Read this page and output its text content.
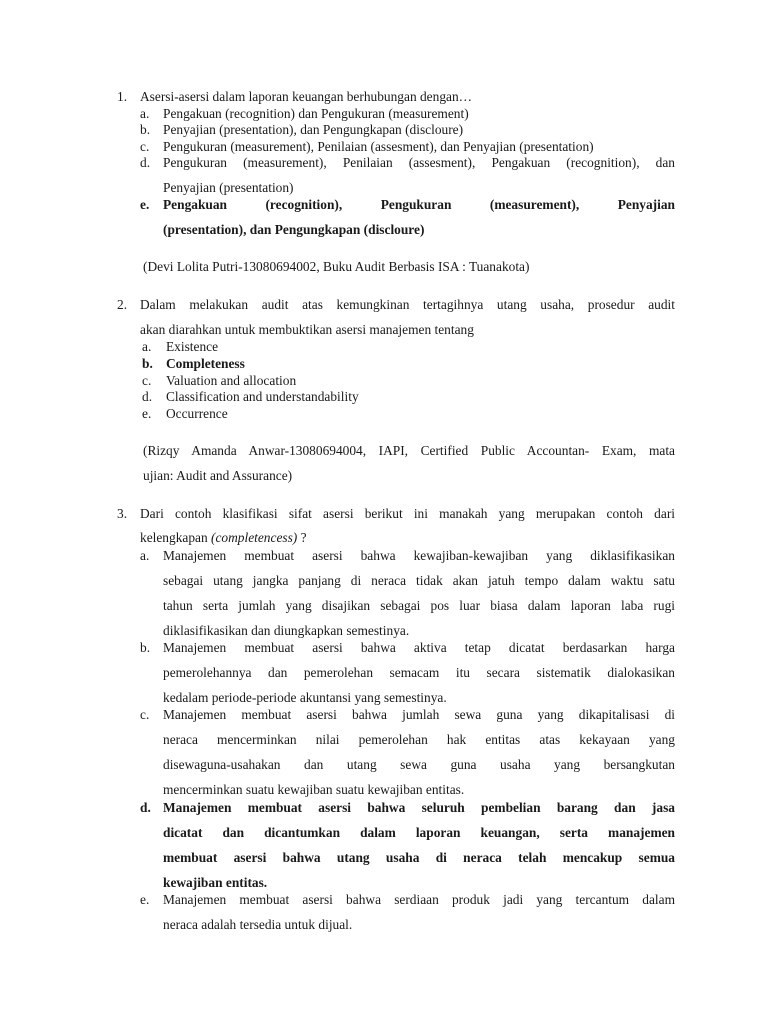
1. Asersi-asersi dalam laporan keuangan berhubungan dengan…
a. Pengakuan (recognition) dan Pengukuran (measurement)
b. Penyajian (presentation), dan Pengungkapan (discloure)
c. Pengukuran (measurement), Penilaian (assesment), dan Penyajian (presentation)
d. Pengukuran (measurement), Penilaian (assesment), Pengakuan (recognition), dan
Penyajian (presentation)
e. Pengakuan (recognition), Pengukuran (measurement), Penyajian
(presentation), dan Pengungkapan (discloure)
(Devi Lolita Putri-13080694002, Buku Audit Berbasis ISA : Tuanakota)
2. Dalam melakukan audit atas kemungkinan tertagihnya utang usaha, prosedur audit
akan diarahkan untuk membuktikan asersi manajemen tentang
a. Existence
b. Completeness
c. Valuation and allocation
d. Classification and understandability
e. Occurrence
(Rizqy Amanda Anwar-13080694004, IAPI, Certified Public Accountan- Exam, mata
ujian: Audit and Assurance)
3. Dari contoh klasifikasi sifat asersi berikut ini manakah yang merupakan contoh dari
kelengkapan (completencess) ?
a. Manajemen membuat asersi bahwa kewajiban-kewajiban yang diklasifikasikan
sebagai utang jangka panjang di neraca tidak akan jatuh tempo dalam waktu satu
tahun serta jumlah yang disajikan sebagai pos luar biasa dalam laporan laba rugi
diklasifikasikan dan diungkapkan semestinya.
b. Manajemen membuat asersi bahwa aktiva tetap dicatat berdasarkan harga
pemerolehannya dan pemerolehan semacam itu secara sistematik dialokasikan
kedalam periode-periode akuntansi yang semestinya.
c. Manajemen membuat asersi bahwa jumlah sewa guna yang dikapitalisasi di
neraca mencerminkan nilai pemerolehan hak entitas atas kekayaan yang
disewaguna-usahakan dan utang sewa guna usaha yang bersangkutan
mencerminkan suatu kewajiban suatu kewajiban entitas.
d. Manajemen membuat asersi bahwa seluruh pembelian barang dan jasa
dicatat dan dicantumkan dalam laporan keuangan, serta manajemen
membuat asersi bahwa utang usaha di neraca telah mencakup semua
kewajiban entitas.
e. Manajemen membuat asersi bahwa serdiaan produk jadi yang tercantum dalam
neraca adalah tersedia untuk dijual.
